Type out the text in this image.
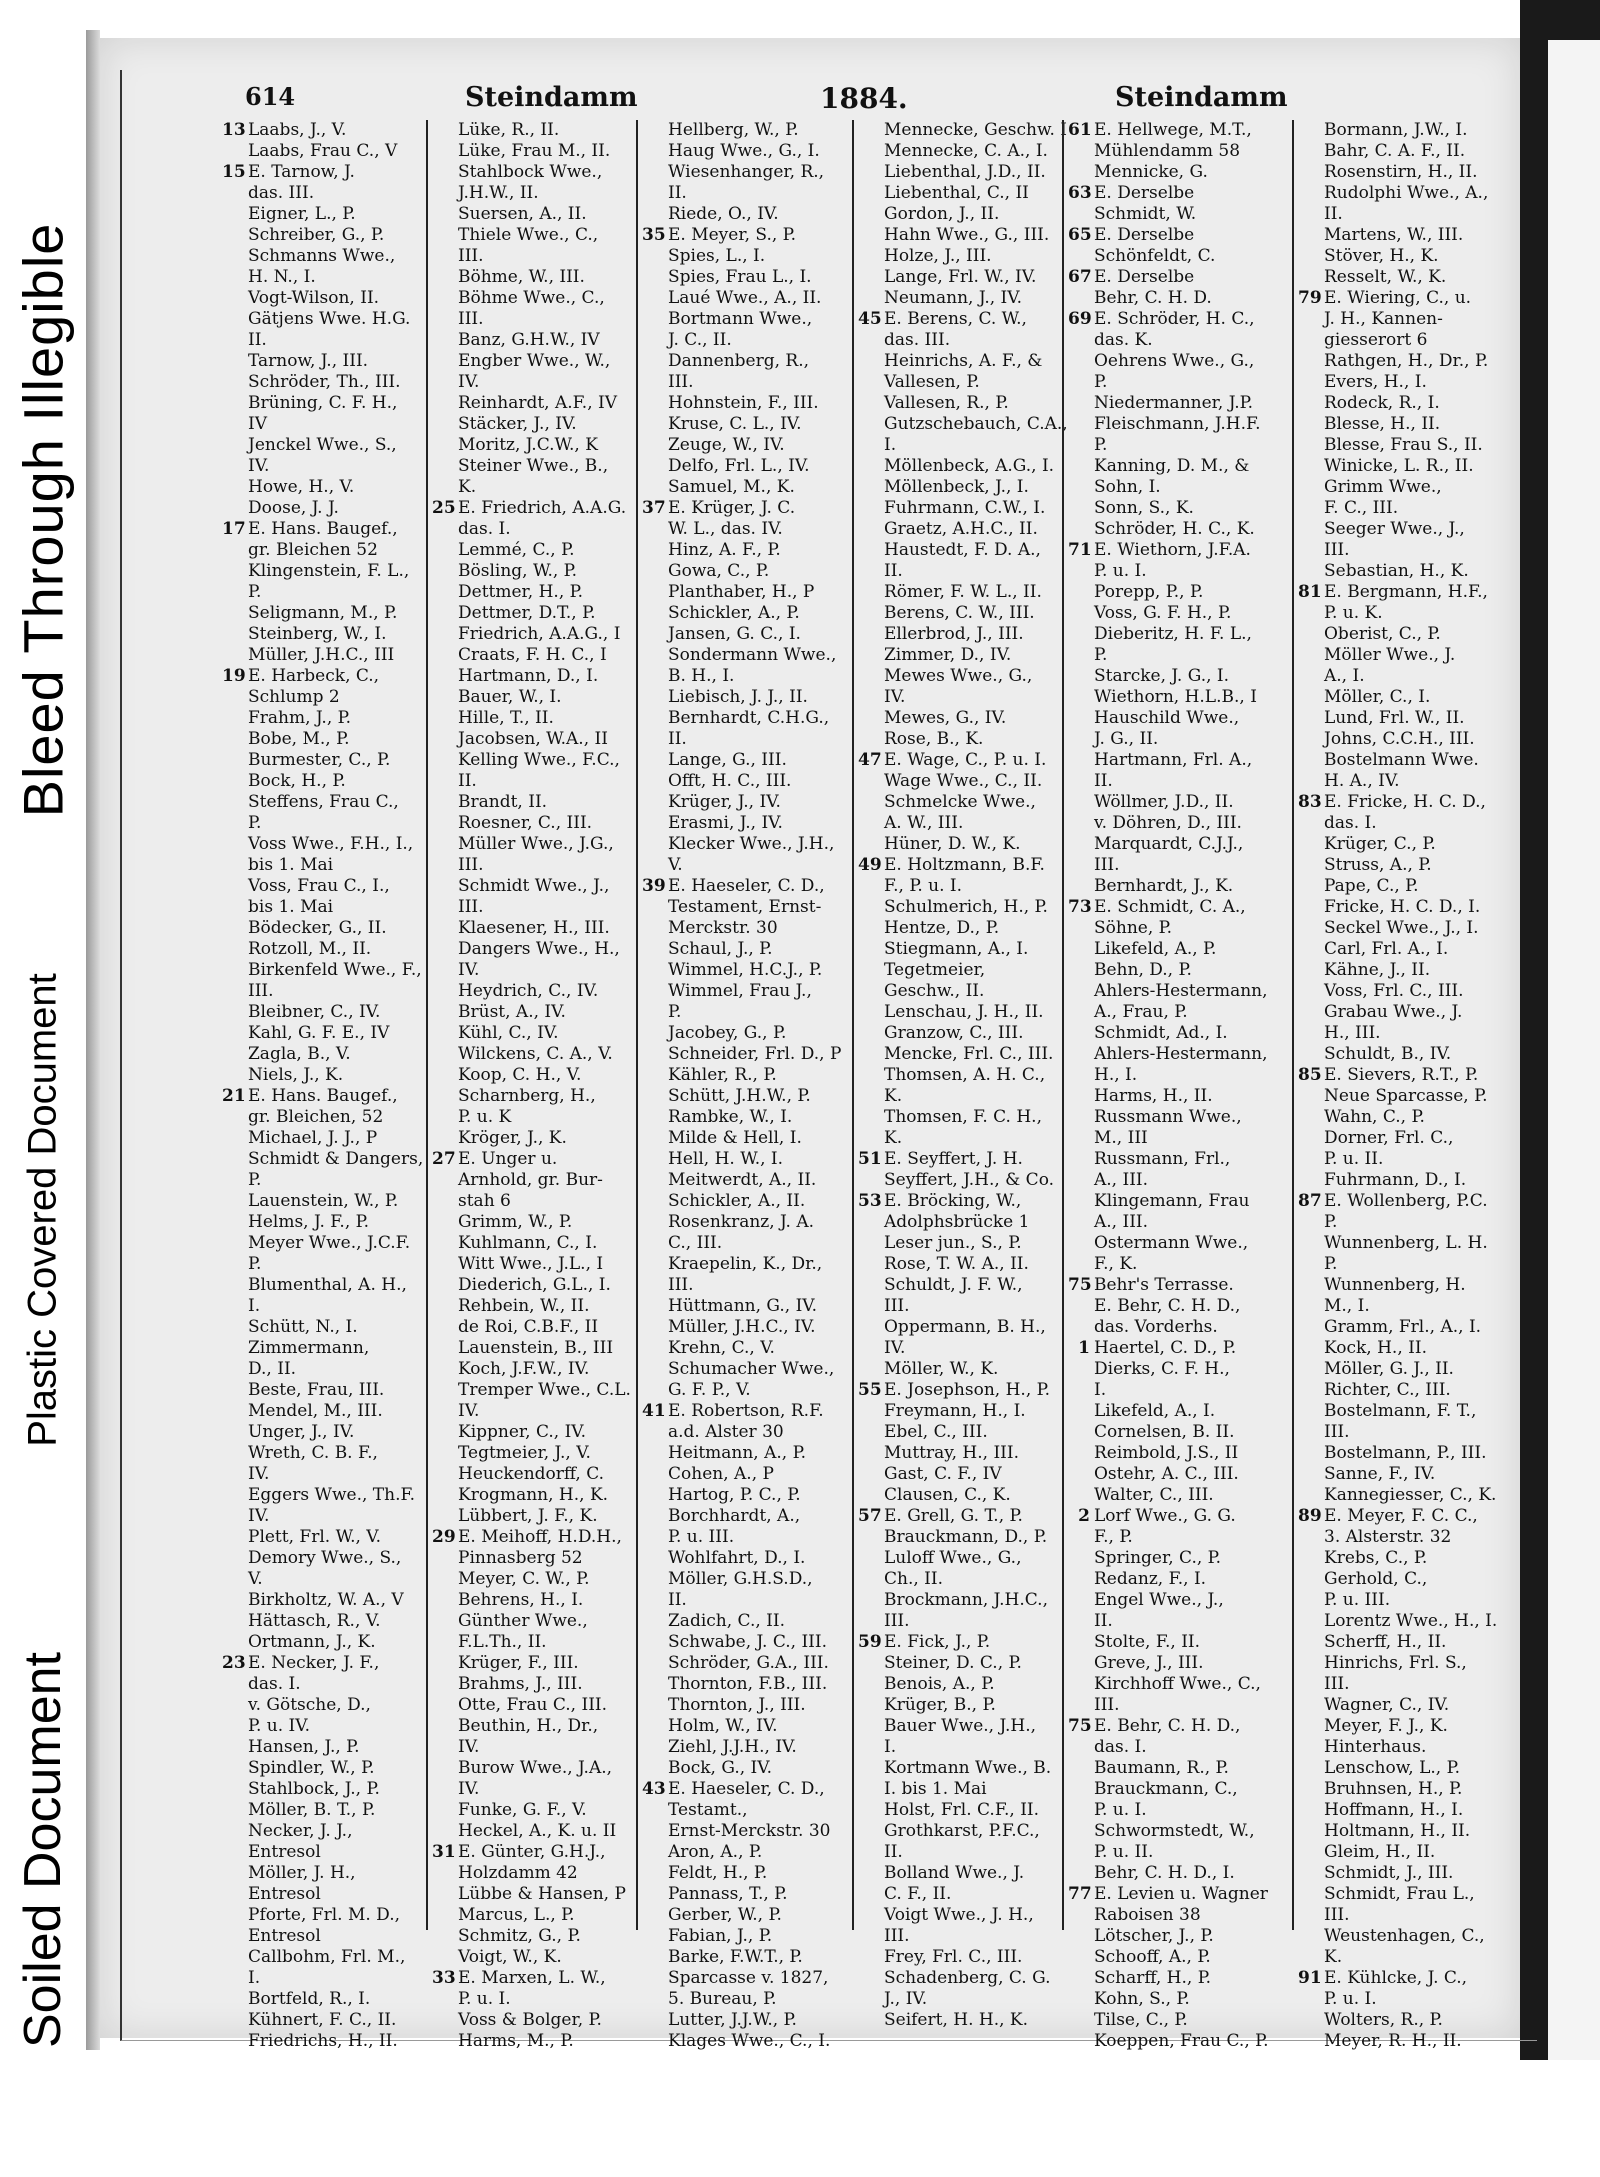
Soiled Document
Plastic Covered Document
Bleed Through Illegible
614	Steindamm	1884.	Steindamm
13 Laabs, J., V.
Laabs, Frau C., V
15 E. Tarnow, J.
das. III.
Eigner, L., P.
Schreiber, G., P.
Schmanns Wwe.,
H. N., I.
Vogt-Wilson, II.
Gätjens Wwe. H.G.
II.
Tarnow, J., III.
Schröder, Th., III.
Brüning, C. F. H.,
IV
Jenckel Wwe., S.,
IV.
Howe, H., V.
Doose, J. J.
17 E. Hans. Baugef.,
gr. Bleichen 52
Klingenstein, F. L.,
P.
Seligmann, M., P.
Steinberg, W., I.
Müller, J.H.C., III
19 E. Harbeck, C.,
Schlump 2
Frahm, J., P.
Bobe, M., P.
Burmester, C., P.
Bock, H., P.
Steffens, Frau C.,
P.
Voss Wwe., F.H., I.,
bis 1. Mai
Voss, Frau C., I.,
bis 1. Mai
Bödecker, G., II.
Rotzoll, M., II.
Birkenfeld Wwe., F.,
III.
Bleibner, C., IV.
Kahl, G. F. E., IV
Zagla, B., V.
Niels, J., K.
21 E. Hans. Baugef.,
gr. Bleichen, 52
Michael, J. J., P
Schmidt & Dangers,
P.
Lauenstein, W., P.
Helms, J. F., P.
Meyer Wwe., J.C.F.
P.
Blumenthal, A. H.,
I.
Schütt, N., I.
Zimmermann,
D., II.
Beste, Frau, III.
Mendel, M., III.
Unger, J., IV.
Wreth, C. B. F.,
IV.
Eggers Wwe., Th.F.
IV.
Plett, Frl. W., V.
Demory Wwe., S.,
V.
Birkholtz, W. A., V
Hättasch, R., V.
Ortmann, J., K.
23 E. Necker, J. F.,
das. I.
v. Götsche, D.,
P. u. IV.
Hansen, J., P.
Spindler, W., P.
Stahlbock, J., P.
Möller, B. T., P.
Necker, J. J.,
Entresol
Möller, J. H.,
Entresol
Pforte, Frl. M. D.,
Entresol
Callbohm, Frl. M.,
I.
Bortfeld, R., I.
Kühnert, F. C., II.
Friedrichs, H., II.
Lüke, R., II.
Lüke, Frau M., II.
Stahlbock Wwe.,
J.H.W., II.
Suersen, A., II.
Thiele Wwe., C.,
III.
Böhme, W., III.
Böhme Wwe., C.,
III.
Banz, G.H.W., IV
Engber Wwe., W.,
IV.
Reinhardt, A.F., IV
Stäcker, J., IV.
Moritz, J.C.W., K
Steiner Wwe., B.,
K.
25 E. Friedrich, A.A.G.
das. I.
Lemmé, C., P.
Bösling, W., P.
Dettmer, H., P.
Dettmer, D.T., P.
Friedrich, A.A.G., I
Craats, F. H. C., I
Hartmann, D., I.
Bauer, W., I.
Hille, T., II.
Jacobsen, W.A., II
Kelling Wwe., F.C.,
II.
Brandt, II.
Roesner, C., III.
Müller Wwe., J.G.,
III.
Schmidt Wwe., J.,
III.
Klaesener, H., III.
Dangers Wwe., H.,
IV.
Heydrich, C., IV.
Brüst, A., IV.
Kühl, C., IV.
Wilckens, C. A., V.
Koop, C. H., V.
Scharnberg, H.,
P. u. K
Kröger, J., K.
27 E. Unger u.
Arnhold, gr. Bur-
stah 6
Grimm, W., P.
Kuhlmann, C., I.
Witt Wwe., J.L., I
Diederich, G.L., I.
Rehbein, W., II.
de Roi, C.B.F., II
Lauenstein, B., III
Koch, J.F.W., IV.
Tremper Wwe., C.L.
IV.
Kippner, C., IV.
Tegtmeier, J., V.
Heuckendorff, C.
Krogmann, H., K.
Lübbert, J. F., K.
29 E. Meihoff, H.D.H.,
Pinnasberg 52
Meyer, C. W., P.
Behrens, H., I.
Günther Wwe.,
F.L.Th., II.
Krüger, F., III.
Brahms, J., III.
Otte, Frau C., III.
Beuthin, H., Dr.,
IV.
Burow Wwe., J.A.,
IV.
Funke, G. F., V.
Heckel, A., K. u. II
31 E. Günter, G.H.J.,
Holzdamm 42
Lübbe & Hansen, P
Marcus, L., P.
Schmitz, G., P.
Voigt, W., K.
33 E. Marxen, L. W.,
P. u. I.
Voss & Bolger, P.
Harms, M., P.
Hellberg, W., P.
Haug Wwe., G., I.
Wiesenhanger, R.,
II.
Riede, O., IV.
35 E. Meyer, S., P.
Spies, L., I.
Spies, Frau L., I.
Laué Wwe., A., II.
Bortmann Wwe.,
J. C., II.
Dannenberg, R.,
III.
Hohnstein, F., III.
Kruse, C. L., IV.
Zeuge, W., IV.
Delfo, Frl. L., IV.
Samuel, M., K.
37 E. Krüger, J. C.
W. L., das. IV.
Hinz, A. F., P.
Gowa, C., P.
Planthaber, H., P
Schickler, A., P.
Jansen, G. C., I.
Sondermann Wwe.,
B. H., I.
Liebisch, J. J., II.
Bernhardt, C.H.G.,
II.
Lange, G., III.
Offt, H. C., III.
Krüger, J., IV.
Erasmi, J., IV.
Klecker Wwe., J.H.,
V.
39 E. Haeseler, C. D.,
Testament, Ernst-
Merckstr. 30
Schaul, J., P.
Wimmel, H.C.J., P.
Wimmel, Frau J.,
P.
Jacobey, G., P.
Schneider, Frl. D., P
Kähler, R., P.
Schütt, J.H.W., P.
Rambke, W., I.
Milde & Hell, I.
Hell, H. W., I.
Meitwerdt, A., II.
Schickler, A., II.
Rosenkranz, J. A.
C., III.
Kraepelin, K., Dr.,
III.
Hüttmann, G., IV.
Müller, J.H.C., IV.
Krehn, C., V.
Schumacher Wwe.,
G. F. P., V.
41 E. Robertson, R.F.
a.d. Alster 30
Heitmann, A., P.
Cohen, A., P
Hartog, P. C., P.
Borchhardt, A.,
P. u. III.
Wohlfahrt, D., I.
Möller, G.H.S.D.,
II.
Zadich, C., II.
Schwabe, J. C., III.
Schröder, G.A., III.
Thornton, F.B., III.
Thornton, J., III.
Holm, W., IV.
Ziehl, J.J.H., IV.
Bock, G., IV.
43 E. Haeseler, C. D.,
Testamt.,
Ernst-Merckstr. 30
Aron, A., P.
Feldt, H., P.
Pannass, T., P.
Gerber, W., P.
Fabian, J., P.
Barke, F.W.T., P.
Sparcasse v. 1827,
5. Bureau, P.
Lutter, J.J.W., P.
Klages Wwe., C., I.
Mennecke, Geschw. I
Mennecke, C. A., I.
Liebenthal, J.D., II.
Liebenthal, C., II
Gordon, J., II.
Hahn Wwe., G., III.
Holze, J., III.
Lange, Frl. W., IV.
Neumann, J., IV.
45 E. Berens, C. W.,
das. III.
Heinrichs, A. F., &
Vallesen, P.
Vallesen, R., P.
Gutzschebauch, C.A.,
I.
Möllenbeck, A.G., I.
Möllenbeck, J., I.
Fuhrmann, C.W., I.
Graetz, A.H.C., II.
Haustedt, F. D. A.,
II.
Römer, F. W. L., II.
Berens, C. W., III.
Ellerbrod, J., III.
Zimmer, D., IV.
Mewes Wwe., G.,
IV.
Mewes, G., IV.
Rose, B., K.
47 E. Wage, C., P. u. I.
Wage Wwe., C., II.
Schmelcke Wwe.,
A. W., III.
Hüner, D. W., K.
49 E. Holtzmann, B.F.
F., P. u. I.
Schulmerich, H., P.
Hentze, D., P.
Stiegmann, A., I.
Tegetmeier,
Geschw., II.
Lenschau, J. H., II.
Granzow, C., III.
Mencke, Frl. C., III.
Thomsen, A. H. C.,
K.
Thomsen, F. C. H.,
K.
51 E. Seyffert, J. H.
Seyffert, J.H., & Co.
53 E. Bröcking, W.,
Adolphsbrücke 1
Leser jun., S., P.
Rose, T. W. A., II.
Schuldt, J. F. W.,
III.
Oppermann, B. H.,
IV.
Möller, W., K.
55 E. Josephson, H., P.
Freymann, H., I.
Ebel, C., III.
Muttray, H., III.
Gast, C. F., IV
Clausen, C., K.
57 E. Grell, G. T., P.
Brauckmann, D., P.
Luloff Wwe., G.,
Ch., II.
Brockmann, J.H.C.,
III.
59 E. Fick, J., P.
Steiner, D. C., P.
Benois, A., P.
Krüger, B., P.
Bauer Wwe., J.H.,
I.
Kortmann Wwe., B.
I. bis 1. Mai
Holst, Frl. C.F., II.
Grothkarst, P.F.C.,
II.
Bolland Wwe., J.
C. F., II.
Voigt Wwe., J. H.,
III.
Frey, Frl. C., III.
Schadenberg, C. G.
J., IV.
Seifert, H. H., K.
61 E. Hellwege, M.T.,
Mühlendamm 58
Mennicke, G.
63 E. Derselbe
Schmidt, W.
65 E. Derselbe
Schönfeldt, C.
67 E. Derselbe
Behr, C. H. D.
69 E. Schröder, H. C.,
das. K.
Oehrens Wwe., G.,
P.
Niedermanner, J.P.
Fleischmann, J.H.F.
P.
Kanning, D. M., &
Sohn, I.
Sonn, S., K.
Schröder, H. C., K.
71 E. Wiethorn, J.F.A.
P. u. I.
Porepp, P., P.
Voss, G. F. H., P.
Dieberitz, H. F. L.,
P.
Starcke, J. G., I.
Wiethorn, H.L.B., I
Hauschild Wwe.,
J. G., II.
Hartmann, Frl. A.,
II.
Wöllmer, J.D., II.
v. Döhren, D., III.
Marquardt, C.J.J.,
III.
Bernhardt, J., K.
73 E. Schmidt, C. A.,
Söhne, P.
Likefeld, A., P.
Behn, D., P.
Ahlers-Hestermann,
A., Frau, P.
Schmidt, Ad., I.
Ahlers-Hestermann,
H., I.
Harms, H., II.
Russmann Wwe.,
M., III
Russmann, Frl.,
A., III.
Klingemann, Frau
A., III.
Ostermann Wwe.,
F., K.
75 Behr's Terrasse.
E. Behr, C. H. D.,
das. Vorderhs.
1 Haertel, C. D., P.
Dierks, C. F. H.,
I.
Likefeld, A., I.
Cornelsen, B. II.
Reimbold, J.S., II
Ostehr, A. C., III.
Walter, C., III.
2 Lorf Wwe., G. G.
F., P.
Springer, C., P.
Redanz, F., I.
Engel Wwe., J.,
II.
Stolte, F., II.
Greve, J., III.
Kirchhoff Wwe., C.,
III.
75 E. Behr, C. H. D.,
das. I.
Baumann, R., P.
Brauckmann, C.,
P. u. I.
Schwormstedt, W.,
P. u. II.
Behr, C. H. D., I.
77 E. Levien u. Wagner
Raboisen 38
Lötscher, J., P.
Schooff, A., P.
Scharff, H., P.
Kohn, S., P.
Tilse, C., P.
Koeppen, Frau C., P.
Bormann, J.W., I.
Bahr, C. A. F., II.
Rosenstirn, H., II.
Rudolphi Wwe., A.,
II.
Martens, W., III.
Stöver, H., K.
Resselt, W., K.
79 E. Wiering, C., u.
J. H., Kannen-
giesserort 6
Rathgen, H., Dr., P.
Evers, H., I.
Rodeck, R., I.
Blesse, H., II.
Blesse, Frau S., II.
Winicke, L. R., II.
Grimm Wwe.,
F. C., III.
Seeger Wwe., J.,
III.
Sebastian, H., K.
81 E. Bergmann, H.F.,
P. u. K.
Oberist, C., P.
Möller Wwe., J.
A., I.
Möller, C., I.
Lund, Frl. W., II.
Johns, C.C.H., III.
Bostelmann Wwe.
H. A., IV.
83 E. Fricke, H. C. D.,
das. I.
Krüger, C., P.
Struss, A., P.
Pape, C., P.
Fricke, H. C. D., I.
Seckel Wwe., J., I.
Carl, Frl. A., I.
Kähne, J., II.
Voss, Frl. C., III.
Grabau Wwe., J.
H., III.
Schuldt, B., IV.
85 E. Sievers, R.T., P.
Neue Sparcasse, P.
Wahn, C., P.
Dorner, Frl. C.,
P. u. II.
Fuhrmann, D., I.
87 E. Wollenberg, P.C.
P.
Wunnenberg, L. H.
P.
Wunnenberg, H.
M., I.
Gramm, Frl., A., I.
Kock, H., II.
Möller, G. J., II.
Richter, C., III.
Bostelmann, F. T.,
III.
Bostelmann, P., III.
Sanne, F., IV.
Kannegiesser, C., K.
89 E. Meyer, F. C. C.,
3. Alsterstr. 32
Krebs, C., P.
Gerhold, C.,
P. u. III.
Lorentz Wwe., H., I.
Scherff, H., II.
Hinrichs, Frl. S.,
III.
Wagner, C., IV.
Meyer, F. J., K.
Hinterhaus.
Lenschow, L., P.
Bruhnsen, H., P.
Hoffmann, H., I.
Holtmann, H., II.
Gleim, H., II.
Schmidt, J., III.
Schmidt, Frau L.,
III.
Weustenhagen, C.,
K.
91 E. Kühlcke, J. C.,
P. u. I.
Wolters, R., P.
Meyer, R. H., II.
